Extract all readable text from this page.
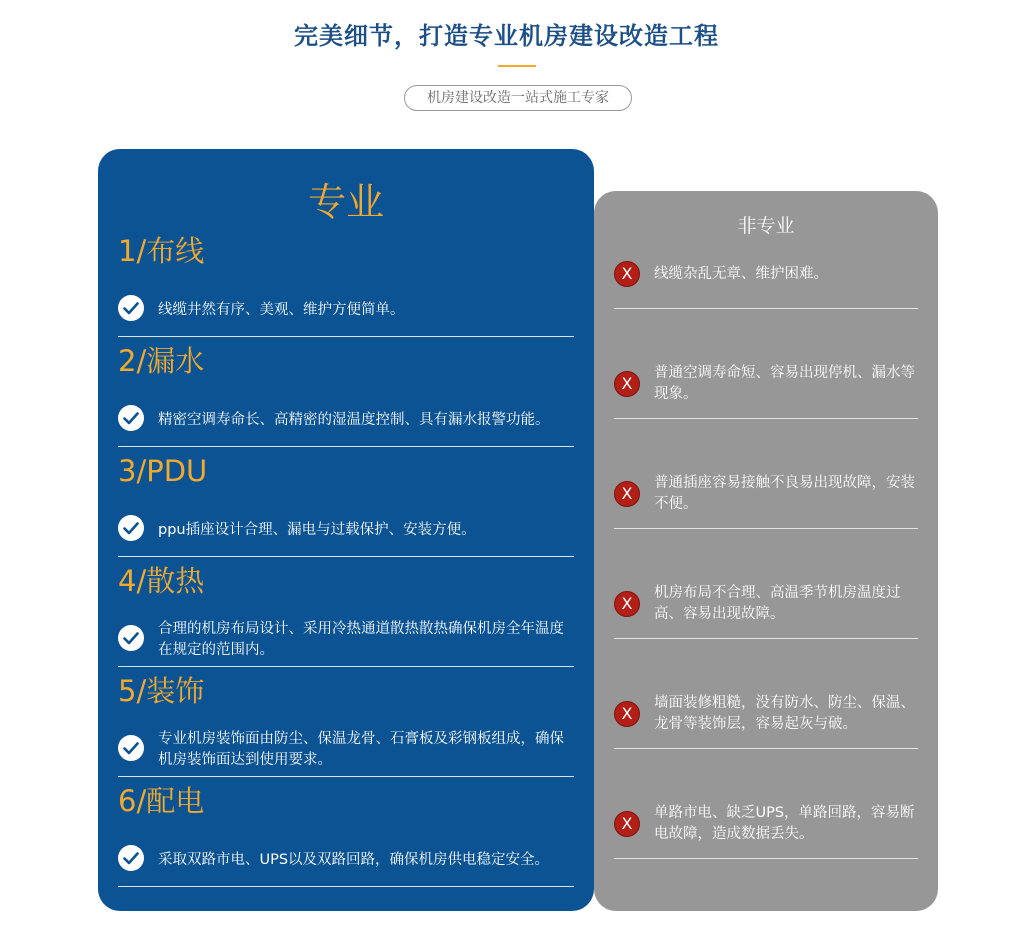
完美细节，打造专业机房建设改造工程
机房建设改造一站式施工专家
专业
1/布线
线缆井然有序、美观、维护方便简单。
2/漏水
精密空调寿命长、高精密的湿温度控制、具有漏水报警功能。
3/PDU
ppu插座设计合理、漏电与过载保护、安装方便。
4/散热
合理的机房布局设计、采用冷热通道散热散热确保机房全年温度在规定的范围内。
5/装饰
专业机房装饰面由防尘、保温龙骨、石膏板及彩钢板组成，确保机房装饰面达到使用要求。
6/配电
采取双路市电、UPS以及双路回路，确保机房供电稳定安全。
非专业
X	线缆杂乱无章、维护困难。
X
普通空调寿命短、容易出现停机、漏水等现象。
X
普通插座容易接触不良易出现故障，安装不便。
X
机房布局不合理、高温季节机房温度过高、容易出现故障。
X
墙面装修粗糙，没有防水、防尘、保温、龙骨等装饰层，容易起灰与破。
X
单路市电、缺乏UPS，单路回路，容易断电故障，造成数据丢失。
